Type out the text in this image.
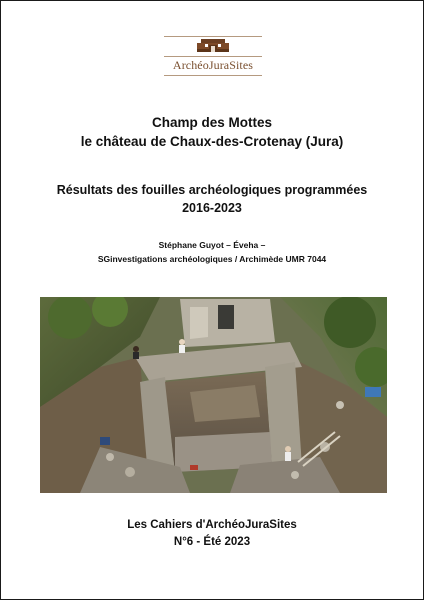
ArchéoJuraSites
Champ des Mottes
le château de Chaux-des-Crotenay (Jura)
Résultats des fouilles archéologiques programmées
2016-2023
Stéphane Guyot – Éveha –
SGinvestigations archéologiques / Archimède UMR 7044
Les Cahiers d'ArchéoJuraSites
N°6 - Été 2023
